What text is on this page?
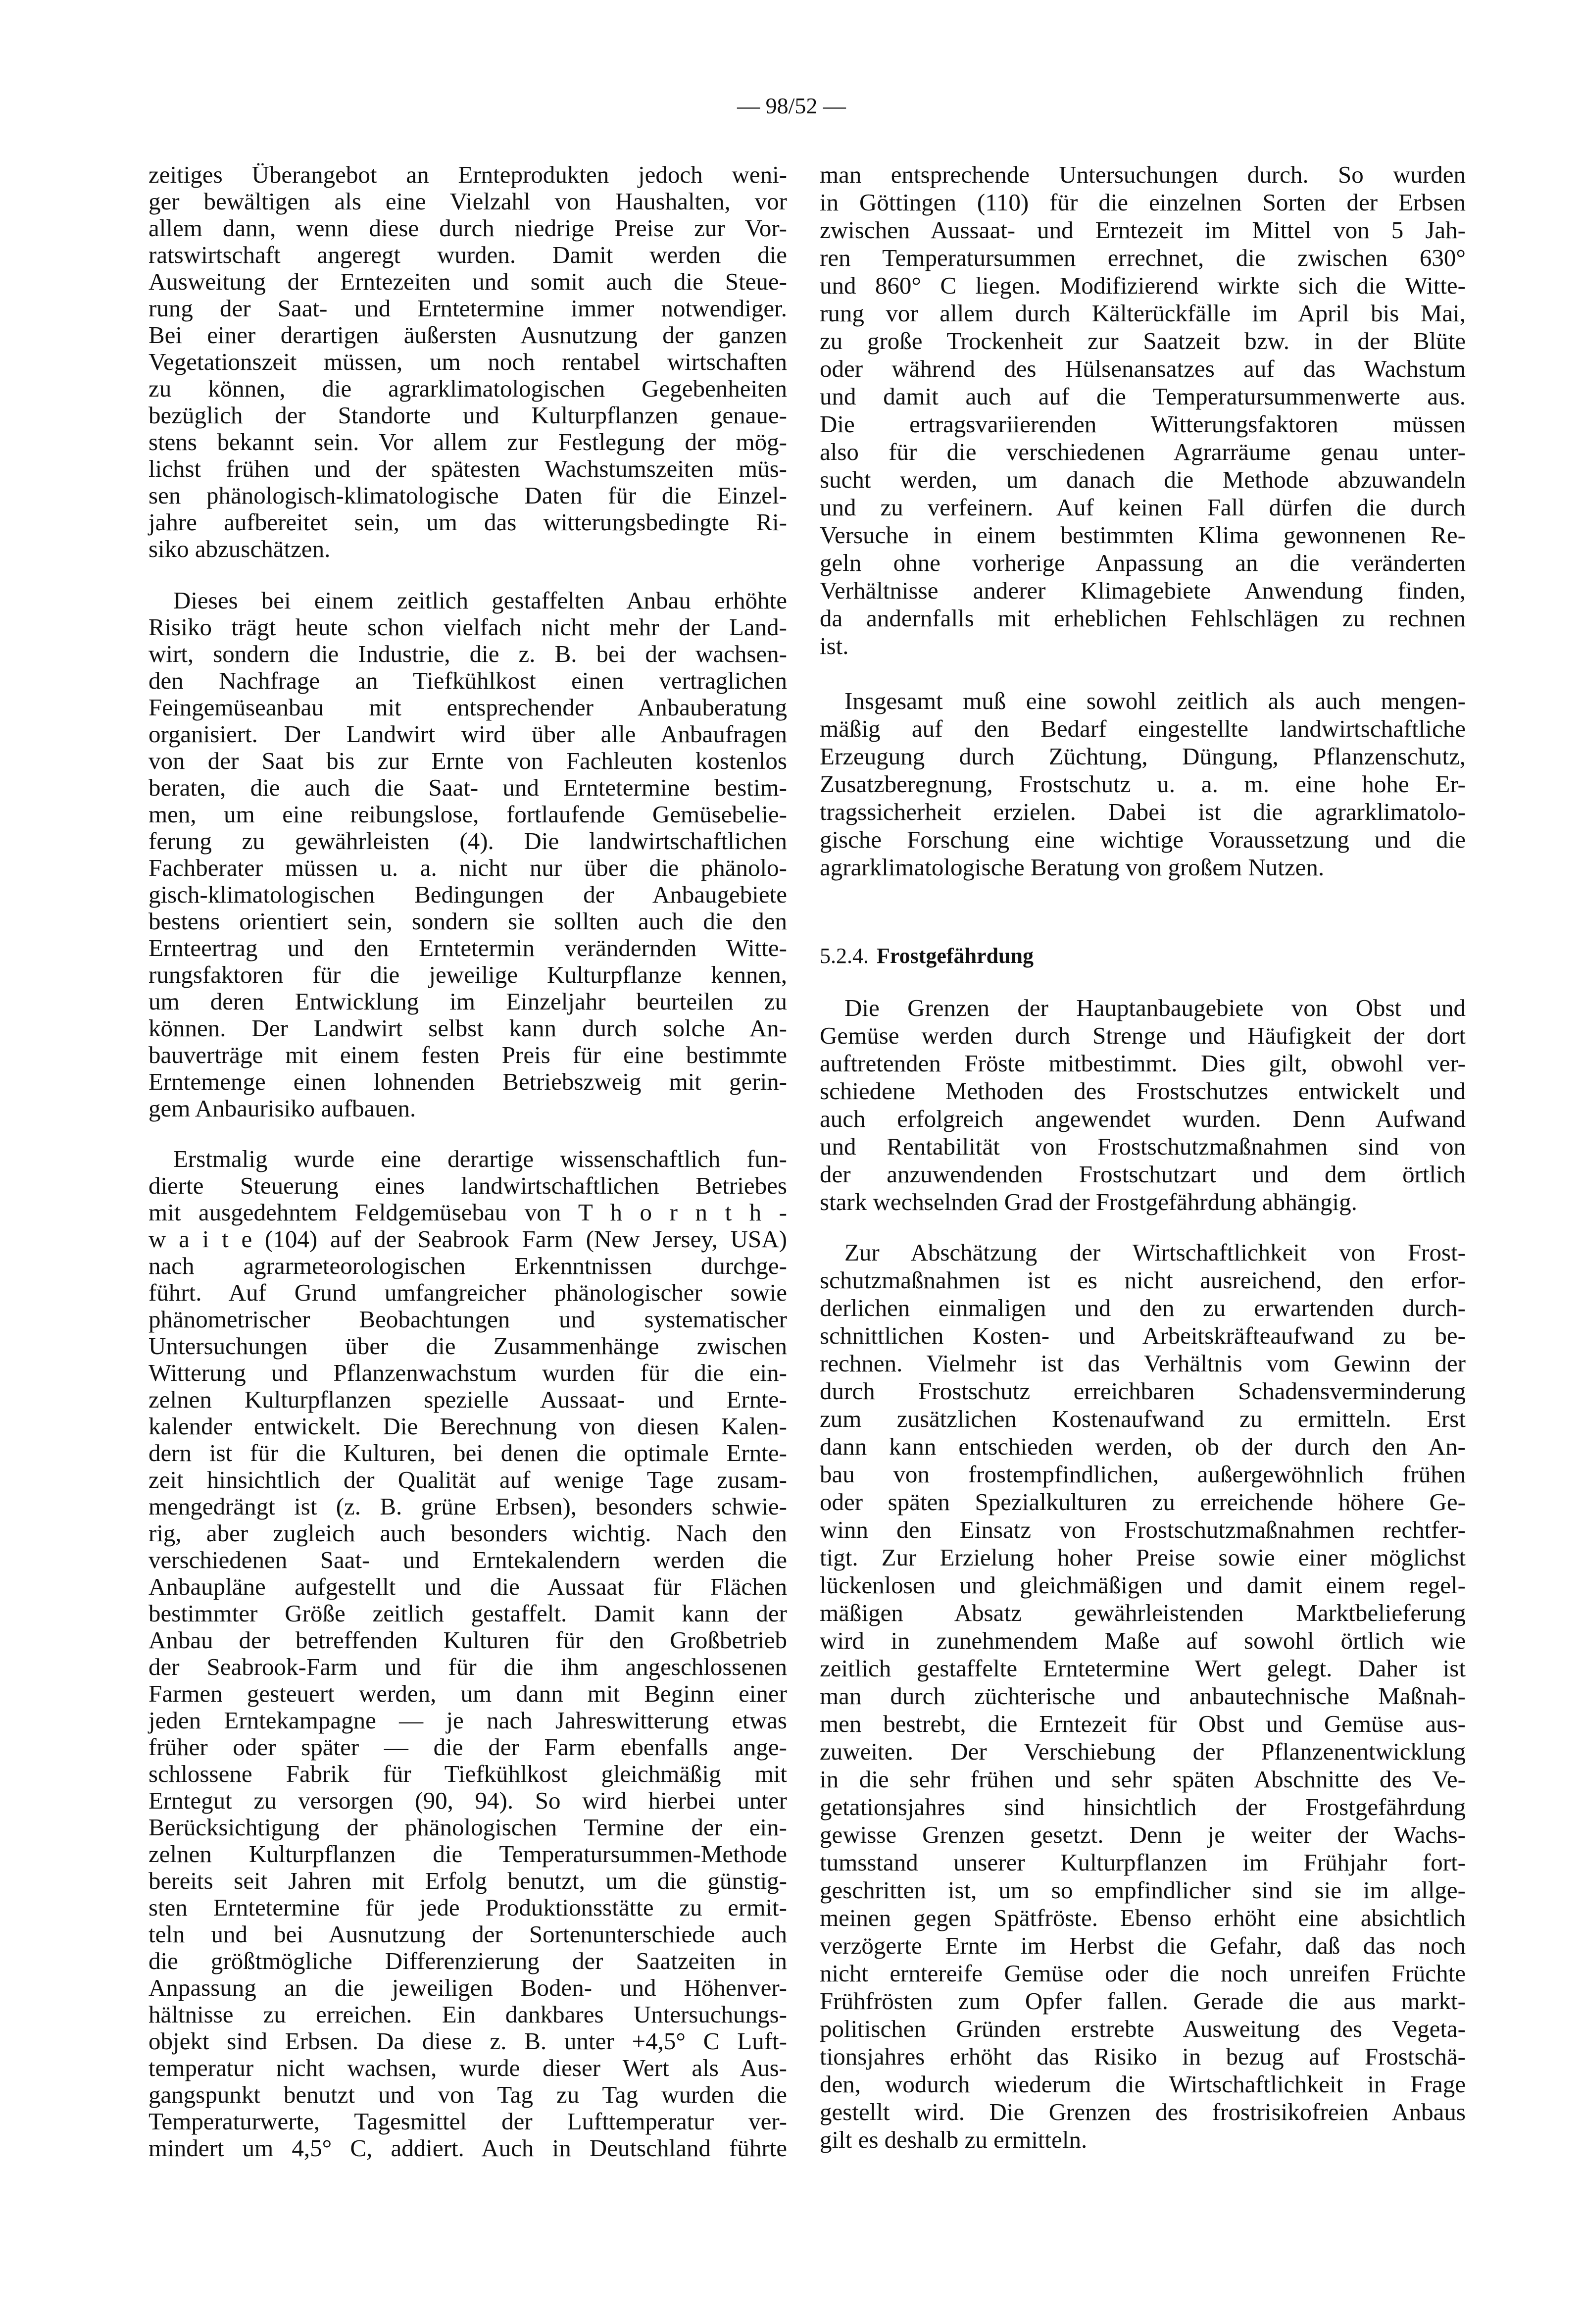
— 98/52 —
zeitiges Überangebot an Ernteprodukten jedoch weni-
ger bewältigen als eine Vielzahl von Haushalten, vor
allem dann, wenn diese durch niedrige Preise zur Vor-
ratswirtschaft angeregt wurden. Damit werden die
Ausweitung der Erntezeiten und somit auch die Steue-
rung der Saat- und Erntetermine immer notwendiger.
Bei einer derartigen äußersten Ausnutzung der ganzen
Vegetationszeit müssen, um noch rentabel wirtschaften
zu können, die agrarklimatologischen Gegebenheiten
bezüglich der Standorte und Kulturpflanzen genaue-
stens bekannt sein. Vor allem zur Festlegung der mög-
lichst frühen und der spätesten Wachstumszeiten müs-
sen phänologisch-klimatologische Daten für die Einzel-
jahre aufbereitet sein, um das witterungsbedingte Ri-
siko abzuschätzen.
Dieses bei einem zeitlich gestaffelten Anbau erhöhte
Risiko trägt heute schon vielfach nicht mehr der Land-
wirt, sondern die Industrie, die z. B. bei der wachsen-
den Nachfrage an Tiefkühlkost einen vertraglichen
Feingemüseanbau mit entsprechender Anbauberatung
organisiert. Der Landwirt wird über alle Anbaufragen
von der Saat bis zur Ernte von Fachleuten kostenlos
beraten, die auch die Saat- und Erntetermine bestim-
men, um eine reibungslose, fortlaufende Gemüsebelie-
ferung zu gewährleisten (4). Die landwirtschaftlichen
Fachberater müssen u. a. nicht nur über die phänolo-
gisch-klimatologischen Bedingungen der Anbaugebiete
bestens orientiert sein, sondern sie sollten auch die den
Ernteertrag und den Erntetermin verändernden Witte-
rungsfaktoren für die jeweilige Kulturpflanze kennen,
um deren Entwicklung im Einzeljahr beurteilen zu
können. Der Landwirt selbst kann durch solche An-
bauverträge mit einem festen Preis für eine bestimmte
Erntemenge einen lohnenden Betriebszweig mit gerin-
gem Anbaurisiko aufbauen.
Erstmalig wurde eine derartige wissenschaftlich fun-
dierte Steuerung eines landwirtschaftlichen Betriebes
mit ausgedehntem Feldgemüsebau von T h o r n t h -
w a i t e (104) auf der Seabrook Farm (New Jersey, USA)
nach agrarmeteorologischen Erkenntnissen durchge-
führt. Auf Grund umfangreicher phänologischer sowie
phänometrischer Beobachtungen und systematischer
Untersuchungen über die Zusammenhänge zwischen
Witterung und Pflanzenwachstum wurden für die ein-
zelnen Kulturpflanzen spezielle Aussaat- und Ernte-
kalender entwickelt. Die Berechnung von diesen Kalen-
dern ist für die Kulturen, bei denen die optimale Ernte-
zeit hinsichtlich der Qualität auf wenige Tage zusam-
mengedrängt ist (z. B. grüne Erbsen), besonders schwie-
rig, aber zugleich auch besonders wichtig. Nach den
verschiedenen Saat- und Erntekalendern werden die
Anbaupläne aufgestellt und die Aussaat für Flächen
bestimmter Größe zeitlich gestaffelt. Damit kann der
Anbau der betreffenden Kulturen für den Großbetrieb
der Seabrook-Farm und für die ihm angeschlossenen
Farmen gesteuert werden, um dann mit Beginn einer
jeden Erntekampagne — je nach Jahreswitterung etwas
früher oder später — die der Farm ebenfalls ange-
schlossene Fabrik für Tiefkühlkost gleichmäßig mit
Erntegut zu versorgen (90, 94). So wird hierbei unter
Berücksichtigung der phänologischen Termine der ein-
zelnen Kulturpflanzen die Temperatursummen-Methode
bereits seit Jahren mit Erfolg benutzt, um die günstig-
sten Erntetermine für jede Produktionsstätte zu ermit-
teln und bei Ausnutzung der Sortenunterschiede auch
die größtmögliche Differenzierung der Saatzeiten in
Anpassung an die jeweiligen Boden- und Höhenver-
hältnisse zu erreichen. Ein dankbares Untersuchungs-
objekt sind Erbsen. Da diese z. B. unter +4,5° C Luft-
temperatur nicht wachsen, wurde dieser Wert als Aus-
gangspunkt benutzt und von Tag zu Tag wurden die
Temperaturwerte, Tagesmittel der Lufttemperatur ver-
mindert um 4,5° C, addiert. Auch in Deutschland führte
man entsprechende Untersuchungen durch. So wurden
in Göttingen (110) für die einzelnen Sorten der Erbsen
zwischen Aussaat- und Erntezeit im Mittel von 5 Jah-
ren Temperatursummen errechnet, die zwischen 630°
und 860° C liegen. Modifizierend wirkte sich die Witte-
rung vor allem durch Kälterückfälle im April bis Mai,
zu große Trockenheit zur Saatzeit bzw. in der Blüte
oder während des Hülsenansatzes auf das Wachstum
und damit auch auf die Temperatursummenwerte aus.
Die ertragsvariierenden Witterungsfaktoren müssen
also für die verschiedenen Agrarräume genau unter-
sucht werden, um danach die Methode abzuwandeln
und zu verfeinern. Auf keinen Fall dürfen die durch
Versuche in einem bestimmten Klima gewonnenen Re-
geln ohne vorherige Anpassung an die veränderten
Verhältnisse anderer Klimagebiete Anwendung finden,
da andernfalls mit erheblichen Fehlschlägen zu rechnen
ist.
Insgesamt muß eine sowohl zeitlich als auch mengen-
mäßig auf den Bedarf eingestellte landwirtschaftliche
Erzeugung durch Züchtung, Düngung, Pflanzenschutz,
Zusatzberegnung, Frostschutz u. a. m. eine hohe Er-
tragssicherheit erzielen. Dabei ist die agrarklimatolo-
gische Forschung eine wichtige Voraussetzung und die
agrarklimatologische Beratung von großem Nutzen.
5.2.4. Frostgefährdung
Die Grenzen der Hauptanbaugebiete von Obst und
Gemüse werden durch Strenge und Häufigkeit der dort
auftretenden Fröste mitbestimmt. Dies gilt, obwohl ver-
schiedene Methoden des Frostschutzes entwickelt und
auch erfolgreich angewendet wurden. Denn Aufwand
und Rentabilität von Frostschutzmaßnahmen sind von
der anzuwendenden Frostschutzart und dem örtlich
stark wechselnden Grad der Frostgefährdung abhängig.
Zur Abschätzung der Wirtschaftlichkeit von Frost-
schutzmaßnahmen ist es nicht ausreichend, den erfor-
derlichen einmaligen und den zu erwartenden durch-
schnittlichen Kosten- und Arbeitskräfteaufwand zu be-
rechnen. Vielmehr ist das Verhältnis vom Gewinn der
durch Frostschutz erreichbaren Schadensverminderung
zum zusätzlichen Kostenaufwand zu ermitteln. Erst
dann kann entschieden werden, ob der durch den An-
bau von frostempfindlichen, außergewöhnlich frühen
oder späten Spezialkulturen zu erreichende höhere Ge-
winn den Einsatz von Frostschutzmaßnahmen rechtfer-
tigt. Zur Erzielung hoher Preise sowie einer möglichst
lückenlosen und gleichmäßigen und damit einem regel-
mäßigen Absatz gewährleistenden Marktbelieferung
wird in zunehmendem Maße auf sowohl örtlich wie
zeitlich gestaffelte Erntetermine Wert gelegt. Daher ist
man durch züchterische und anbautechnische Maßnah-
men bestrebt, die Erntezeit für Obst und Gemüse aus-
zuweiten. Der Verschiebung der Pflanzenentwicklung
in die sehr frühen und sehr späten Abschnitte des Ve-
getationsjahres sind hinsichtlich der Frostgefährdung
gewisse Grenzen gesetzt. Denn je weiter der Wachs-
tumsstand unserer Kulturpflanzen im Frühjahr fort-
geschritten ist, um so empfindlicher sind sie im allge-
meinen gegen Spätfröste. Ebenso erhöht eine absichtlich
verzögerte Ernte im Herbst die Gefahr, daß das noch
nicht erntereife Gemüse oder die noch unreifen Früchte
Frühfrösten zum Opfer fallen. Gerade die aus markt-
politischen Gründen erstrebte Ausweitung des Vegeta-
tionsjahres erhöht das Risiko in bezug auf Frostschä-
den, wodurch wiederum die Wirtschaftlichkeit in Frage
gestellt wird. Die Grenzen des frostrisikofreien Anbaus
gilt es deshalb zu ermitteln.
